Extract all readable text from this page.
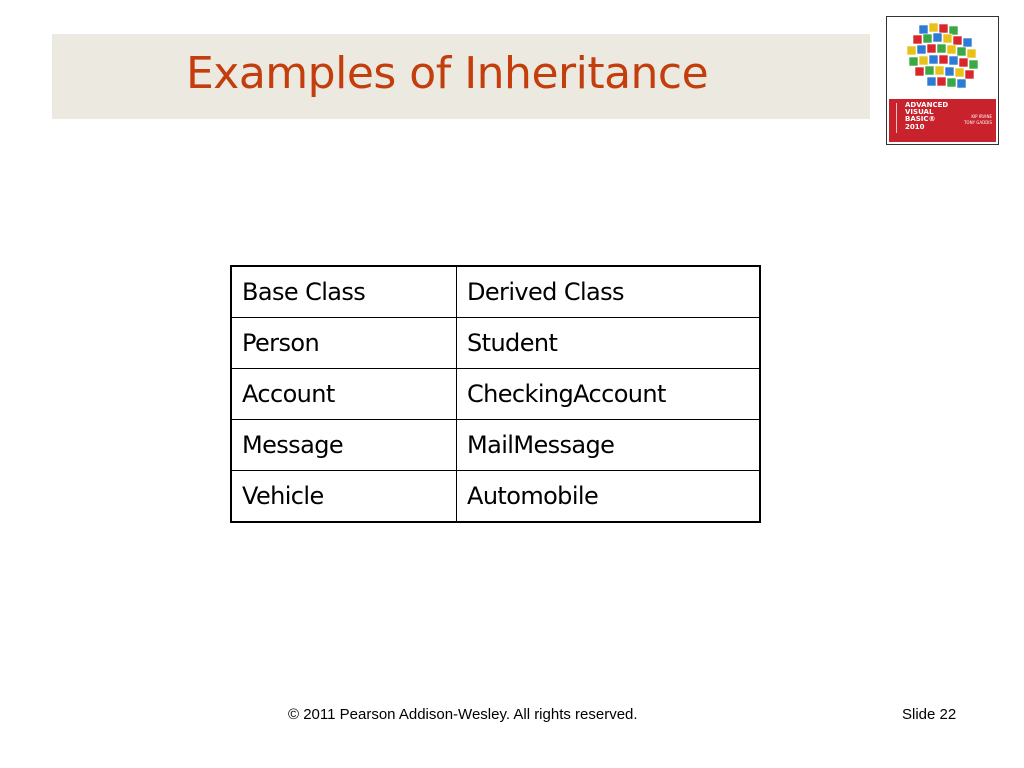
Examples of Inheritance
ADVANCED
VISUAL
BASIC®
2010
KIP IRVINE
TONY GADDIS
Base Class	Derived Class
Person	Student
Account	CheckingAccount
Message	MailMessage
Vehicle	Automobile
© 2011 Pearson Addison-Wesley. All rights reserved.	Slide 22
